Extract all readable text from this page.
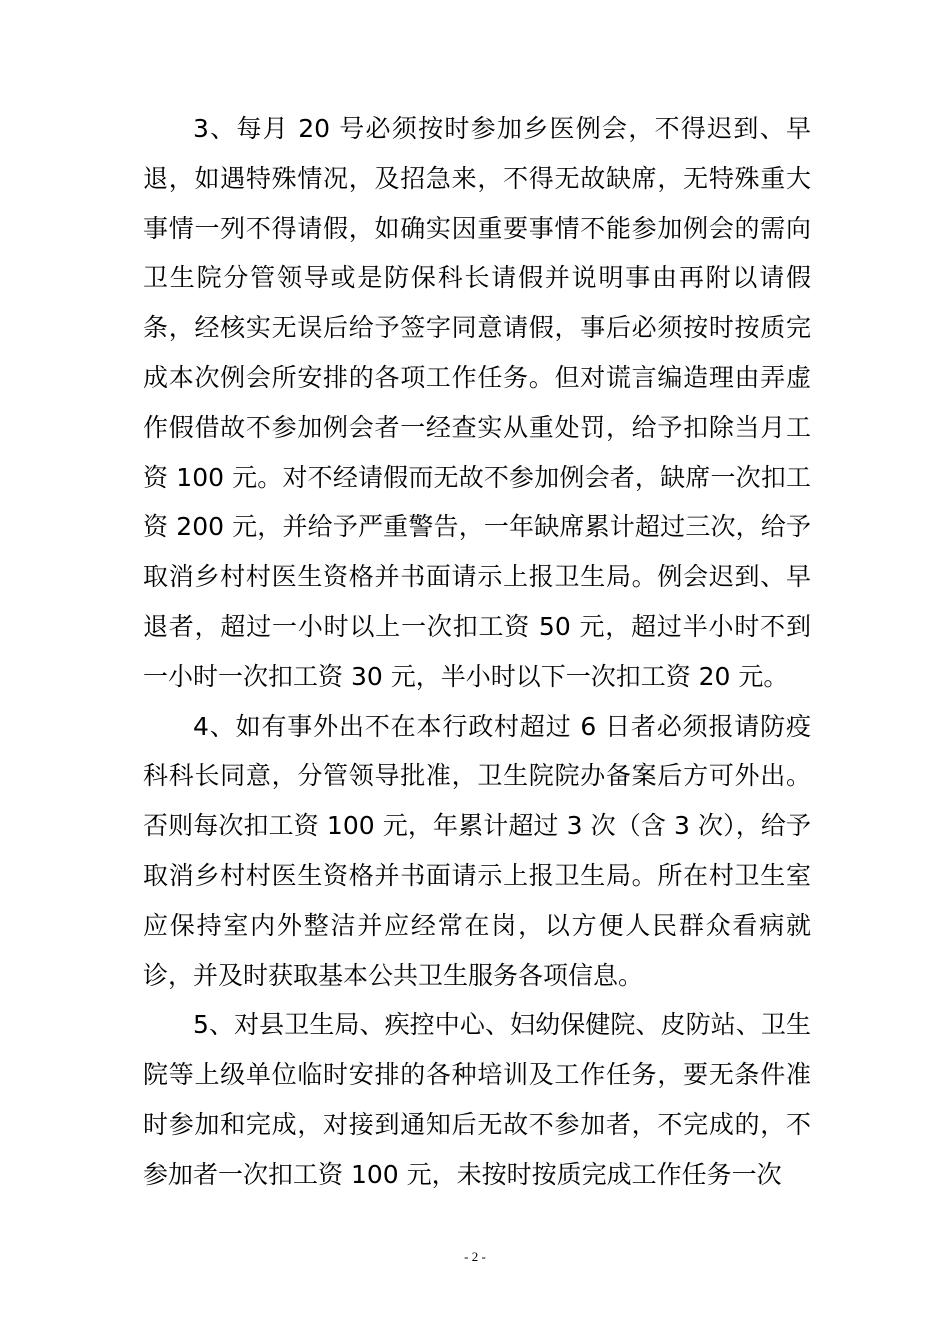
3、每月 20 号必须按时参加乡医例会，不得迟到、早退，如遇特殊情况，及招急来，不得无故缺席，无特殊重大事情一列不得请假，如确实因重要事情不能参加例会的需向卫生院分管领导或是防保科长请假并说明事由再附以请假条，经核实无误后给予签字同意请假，事后必须按时按质完成本次例会所安排的各项工作任务。但对谎言编造理由弄虚作假借故不参加例会者一经查实从重处罚，给予扣除当月工资 100 元。对不经请假而无故不参加例会者，缺席一次扣工资 200 元，并给予严重警告，一年缺席累计超过三次，给予取消乡村村医生资格并书面请示上报卫生局。例会迟到、早退者，超过一小时以上一次扣工资 50 元，超过半小时不到一小时一次扣工资 30 元，半小时以下一次扣工资 20 元。

4、如有事外出不在本行政村超过 6 日者必须报请防疫科科长同意，分管领导批准，卫生院院办备案后方可外出。否则每次扣工资 100 元，年累计超过 3 次（含 3 次），给予取消乡村村医生资格并书面请示上报卫生局。所在村卫生室应保持室内外整洁并应经常在岗，以方便人民群众看病就诊，并及时获取基本公共卫生服务各项信息。

5、对县卫生局、疾控中心、妇幼保健院、皮防站、卫生院等上级单位临时安排的各种培训及工作任务，要无条件准时参加和完成，对接到通知后无故不参加者，不完成的，不参加者一次扣工资 100 元，未按时按质完成工作任务一次

- 2 -
